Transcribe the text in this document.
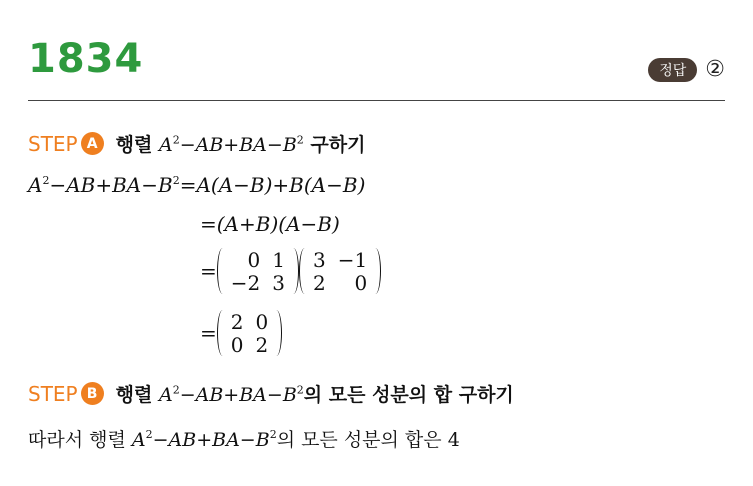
1834	정답 ②
STEP A 행렬 $A^2-AB+BA-B^2$ 구하기
$A^2-AB+BA-B^2=A(A-B)+B(A-B)$
=(A+B)(A−B)
=	0 1
−2 3
3 −1
2	0
= 2 0
0 2
STEP B 행렬 $A^2-AB+BA-B^2$의 모든 성분의 합 구하기
따라서 행렬 $A^2-AB+BA-B^2$의 모든 성분의 합은 4
